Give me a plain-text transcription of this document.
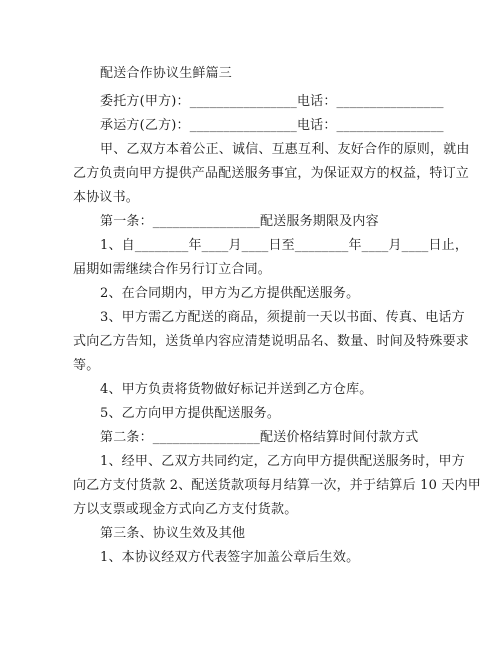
配送合作协议生鲜篇三
委托方(甲方)：________________电话：________________
承运方(乙方)：________________电话：________________
甲、乙双方本着公正、诚信、互惠互利、友好合作的原则，就由
乙方负责向甲方提供产品配送服务事宜，为保证双方的权益，特订立
本协议书。
第一条：________________配送服务期限及内容
1、自________年____月____日至________年____月____日止，
届期如需继续合作另行订立合同。
2、在合同期内，甲方为乙方提供配送服务。
3、甲方需乙方配送的商品，须提前一天以书面、传真、电话方
式向乙方告知，送货单内容应清楚说明品名、数量、时间及特殊要求
等。
4、甲方负责将货物做好标记并送到乙方仓库。
5、乙方向甲方提供配送服务。
第二条：________________配送价格结算时间付款方式
1、经甲、乙双方共同约定，乙方向甲方提供配送服务时，甲方
向乙方支付货款 2、配送货款项每月结算一次，并于结算后 10 天内甲
方以支票或现金方式向乙方支付货款。
第三条、协议生效及其他
1、本协议经双方代表签字加盖公章后生效。
